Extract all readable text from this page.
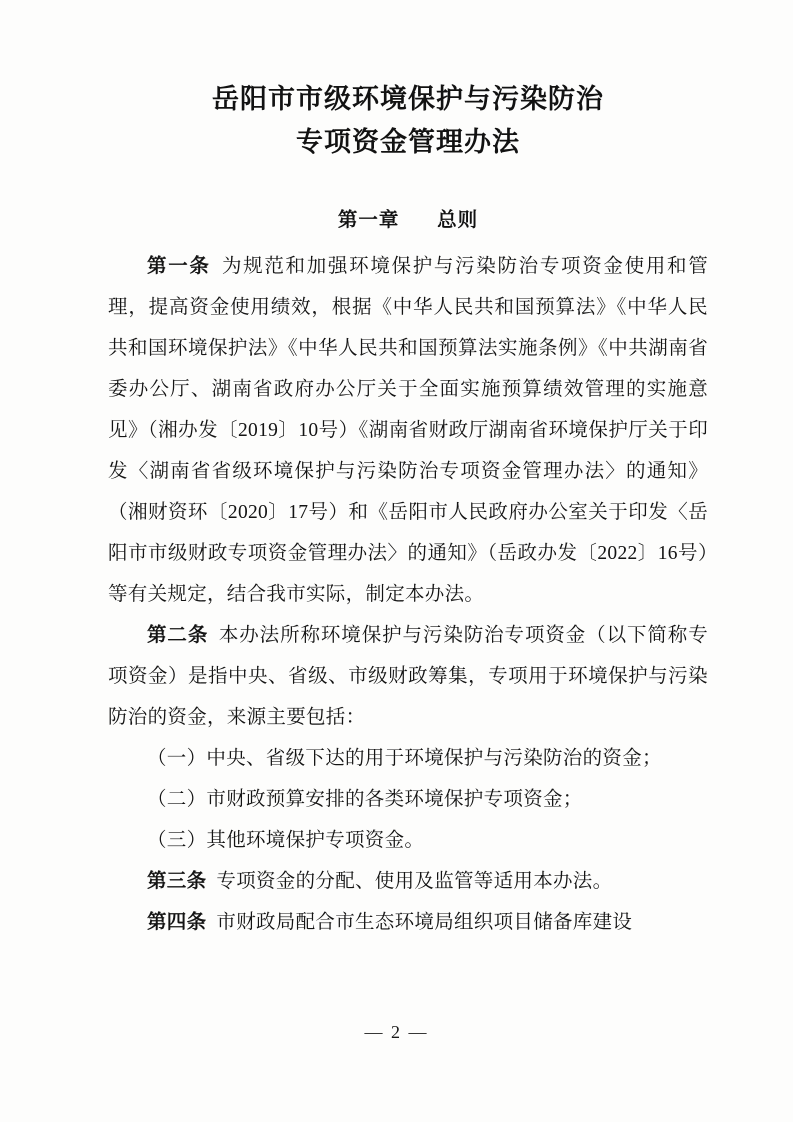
岳阳市市级环境保护与污染防治
专项资金管理办法
第一章 总则

第一条 为规范和加强环境保护与污染防治专项资金使用和管理，提高资金使用绩效，根据《中华人民共和国预算法》《中华人民共和国环境保护法》《中华人民共和国预算法实施条例》《中共湖南省委办公厅、湖南省政府办公厅关于全面实施预算绩效管理的实施意见》（湘办发〔2019〕10号）《湖南省财政厅湖南省环境保护厅关于印发〈湖南省省级环境保护与污染防治专项资金管理办法〉的通知》（湘财资环〔2020〕17号）和《岳阳市人民政府办公室关于印发〈岳阳市市级财政专项资金管理办法〉的通知》（岳政办发〔2022〕16号）等有关规定，结合我市实际，制定本办法。

第二条 本办法所称环境保护与污染防治专项资金（以下简称专项资金）是指中央、省级、市级财政筹集，专项用于环境保护与污染防治的资金，来源主要包括：

（一）中央、省级下达的用于环境保护与污染防治的资金；

（二）市财政预算安排的各类环境保护专项资金；

（三）其他环境保护专项资金。

第三条 专项资金的分配、使用及监管等适用本办法。

第四条 市财政局配合市生态环境局组织项目储备库建设

— 2 —
